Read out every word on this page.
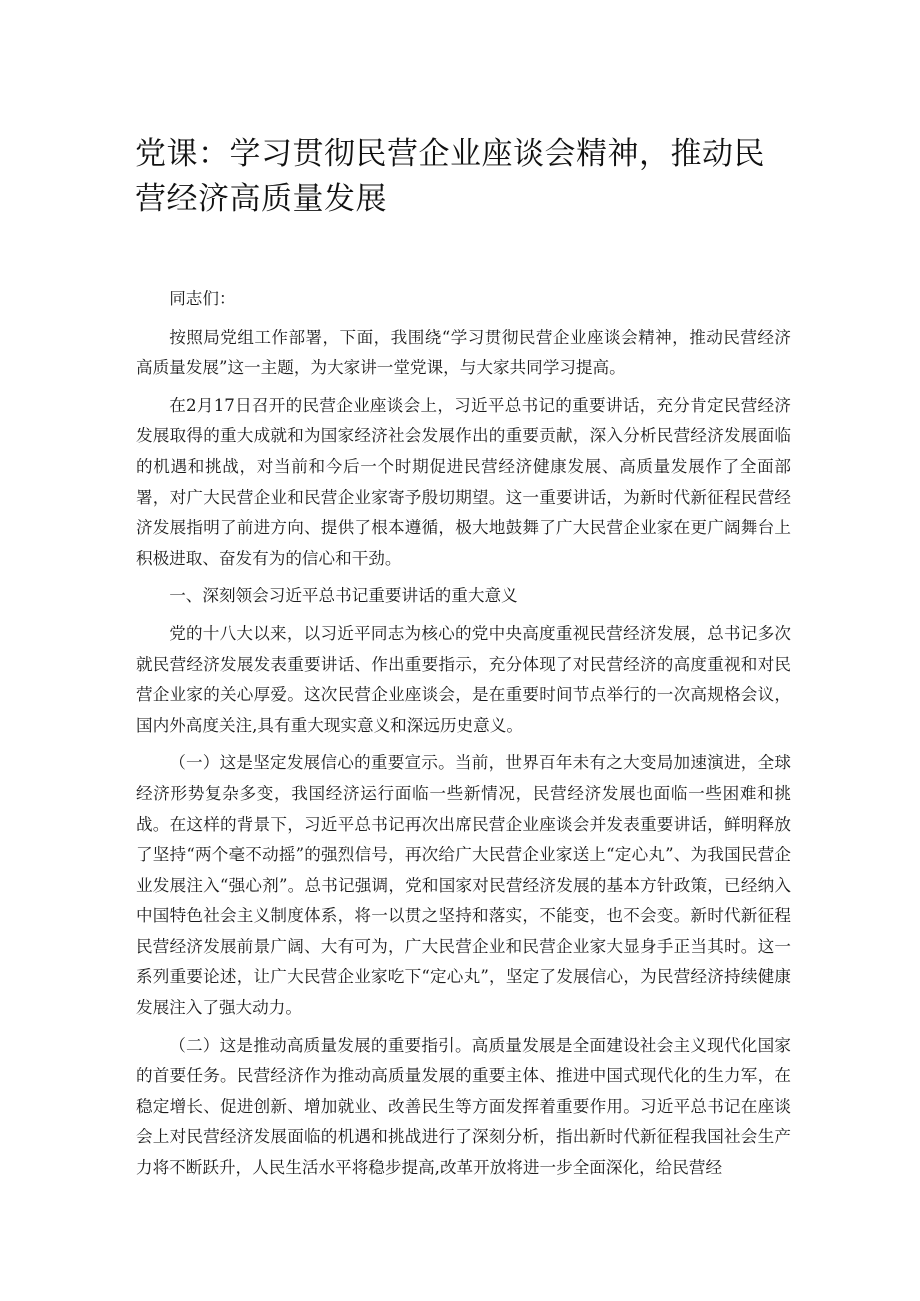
党课：学习贯彻民营企业座谈会精神，推动民营经济高质量发展

同志们：

按照局党组工作部署，下面，我围绕“学习贯彻民营企业座谈会精神，推动民营经济高质量发展”这一主题，为大家讲一堂党课，与大家共同学习提高。

在2月17日召开的民营企业座谈会上，习近平总书记的重要讲话，充分肯定民营经济发展取得的重大成就和为国家经济社会发展作出的重要贡献，深入分析民营经济发展面临的机遇和挑战，对当前和今后一个时期促进民营经济健康发展、高质量发展作了全面部署，对广大民营企业和民营企业家寄予殷切期望。这一重要讲话，为新时代新征程民营经济发展指明了前进方向、提供了根本遵循，极大地鼓舞了广大民营企业家在更广阔舞台上积极进取、奋发有为的信心和干劲。

一、深刻领会习近平总书记重要讲话的重大意义

党的十八大以来，以习近平同志为核心的党中央高度重视民营经济发展，总书记多次就民营经济发展发表重要讲话、作出重要指示，充分体现了对民营经济的高度重视和对民营企业家的关心厚爱。这次民营企业座谈会，是在重要时间节点举行的一次高规格会议，国内外高度关注,具有重大现实意义和深远历史意义。

（一）这是坚定发展信心的重要宣示。当前，世界百年未有之大变局加速演进，全球经济形势复杂多变，我国经济运行面临一些新情况，民营经济发展也面临一些困难和挑战。在这样的背景下，习近平总书记再次出席民营企业座谈会并发表重要讲话，鲜明释放了坚持“两个毫不动摇”的强烈信号，再次给广大民营企业家送上“定心丸”、为我国民营企业发展注入“强心剂”。总书记强调，党和国家对民营经济发展的基本方针政策，已经纳入中国特色社会主义制度体系，将一以贯之坚持和落实，不能变，也不会变。新时代新征程民营经济发展前景广阔、大有可为，广大民营企业和民营企业家大显身手正当其时。这一系列重要论述，让广大民营企业家吃下“定心丸”，坚定了发展信心，为民营经济持续健康发展注入了强大动力。

（二）这是推动高质量发展的重要指引。高质量发展是全面建设社会主义现代化国家的首要任务。民营经济作为推动高质量发展的重要主体、推进中国式现代化的生力军，在稳定增长、促进创新、增加就业、改善民生等方面发挥着重要作用。习近平总书记在座谈会上对民营经济发展面临的机遇和挑战进行了深刻分析，指出新时代新征程我国社会生产力将不断跃升，人民生活水平将稳步提高,改革开放将进一步全面深化，给民营经
